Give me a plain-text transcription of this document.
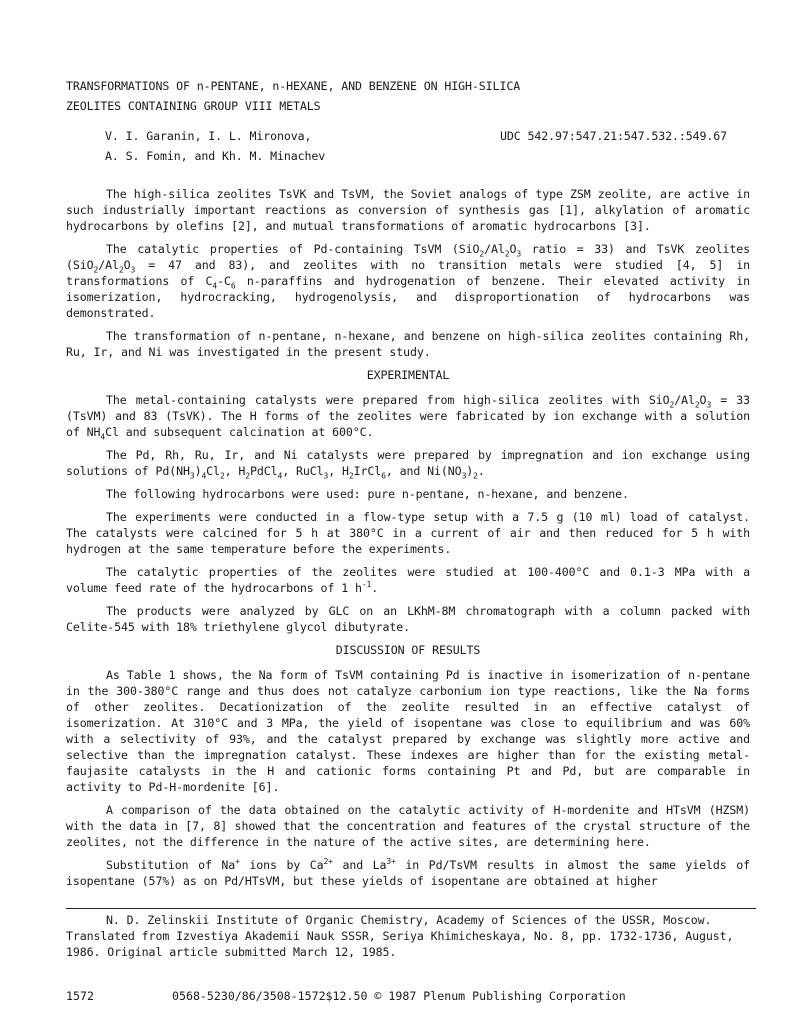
TRANSFORMATIONS OF n-PENTANE, n-HEXANE, AND BENZENE ON HIGH-SILICA
ZEOLITES CONTAINING GROUP VIII METALS
V. I. Garanin, I. L. Mironova,
A. S. Fomin, and Kh. M. Minachev
UDC 542.97:547.21:547.532.:549.67

The high-silica zeolites TsVK and TsVM, the Soviet analogs of type ZSM zeolite, are active in such industrially important reactions as conversion of synthesis gas [1], alkylation of aromatic hydrocarbons by olefins [2], and mutual transformations of aromatic hydrocarbons [3].

The catalytic properties of Pd-containing TsVM ($SiO_2/Al_2O_3$ ratio = 33) and TsVK zeolites ($SiO_2/Al_2O_3 = 47$ and 83), and zeolites with no transition metals were studied [4, 5] in transformations of $C_4-C_6$ n-paraffins and hydrogenation of benzene. Their elevated activity in isomerization, hydrocracking, hydrogenolysis, and disproportionation of hydrocarbons was demonstrated.

The transformation of n-pentane, n-hexane, and benzene on high-silica zeolites containing Rh, Ru, Ir, and Ni was investigated in the present study.

EXPERIMENTAL

The metal-containing catalysts were prepared from high-silica zeolites with $SiO_2/Al_2O_3 = 33$ (TsVM) and 83 (TsVK). The H forms of the zeolites were fabricated by ion exchange with a solution of $NH_4Cl$ and subsequent calcination at 600°C.

The Pd, Rh, Ru, Ir, and Ni catalysts were prepared by impregnation and ion exchange using solutions of $Pd(NH_3)_4Cl_2$, $H_2PdCl_4$, RuCl$_3$, $H_2IrCl_6$, and $Ni(NO_3)_2$.

The following hydrocarbons were used: pure n-pentane, n-hexane, and benzene.

The experiments were conducted in a flow-type setup with a 7.5 g (10 ml) load of catalyst. The catalysts were calcined for 5 h at 380°C in a current of air and then reduced for 5 h with hydrogen at the same temperature before the experiments.

The catalytic properties of the zeolites were studied at 100-400°C and 0.1-3 MPa with a volume feed rate of the hydrocarbons of 1 $h^{-1}$.

The products were analyzed by GLC on an LKhM-8M chromatograph with a column packed with Celite-545 with 18% triethylene glycol dibutyrate.

DISCUSSION OF RESULTS

As Table 1 shows, the Na form of TsVM containing Pd is inactive in isomerization of n-pentane in the 300-380°C range and thus does not catalyze carbonium ion type reactions, like the Na forms of other zeolites. Decationization of the zeolite resulted in an effective catalyst of isomerization. At 310°C and 3 MPa, the yield of isopentane was close to equilibrium and was 60% with a selectivity of 93%, and the catalyst prepared by exchange was slightly more active and selective than the impregnation catalyst. These indexes are higher than for the existing metal-faujasite catalysts in the H and cationic forms containing Pt and Pd, but are comparable in activity to Pd-H-mordenite [6].

A comparison of the data obtained on the catalytic activity of H-mordenite and HTsVM (HZSM) with the data in [7, 8] showed that the concentration and features of the crystal structure of the zeolites, not the difference in the nature of the active sites, are determining here.

Substitution of Na+ ions by $Ca^{2+}$ and $La^{3+}$ in Pd/TsVM results in almost the same yields of isopentane (57%) as on Pd/HTsVM, but these yields of isopentane are obtained at higher

N. D. Zelinskii Institute of Organic Chemistry, Academy of Sciences of the USSR, Moscow. Translated from Izvestiya Akademii Nauk SSSR, Seriya Khimicheskaya, No. 8, pp. 1732-1736, August, 1986. Original article submitted March 12, 1985.

1572	0568-5230/86/3508-1572$12.50 © 1987 Plenum Publishing Corporation
